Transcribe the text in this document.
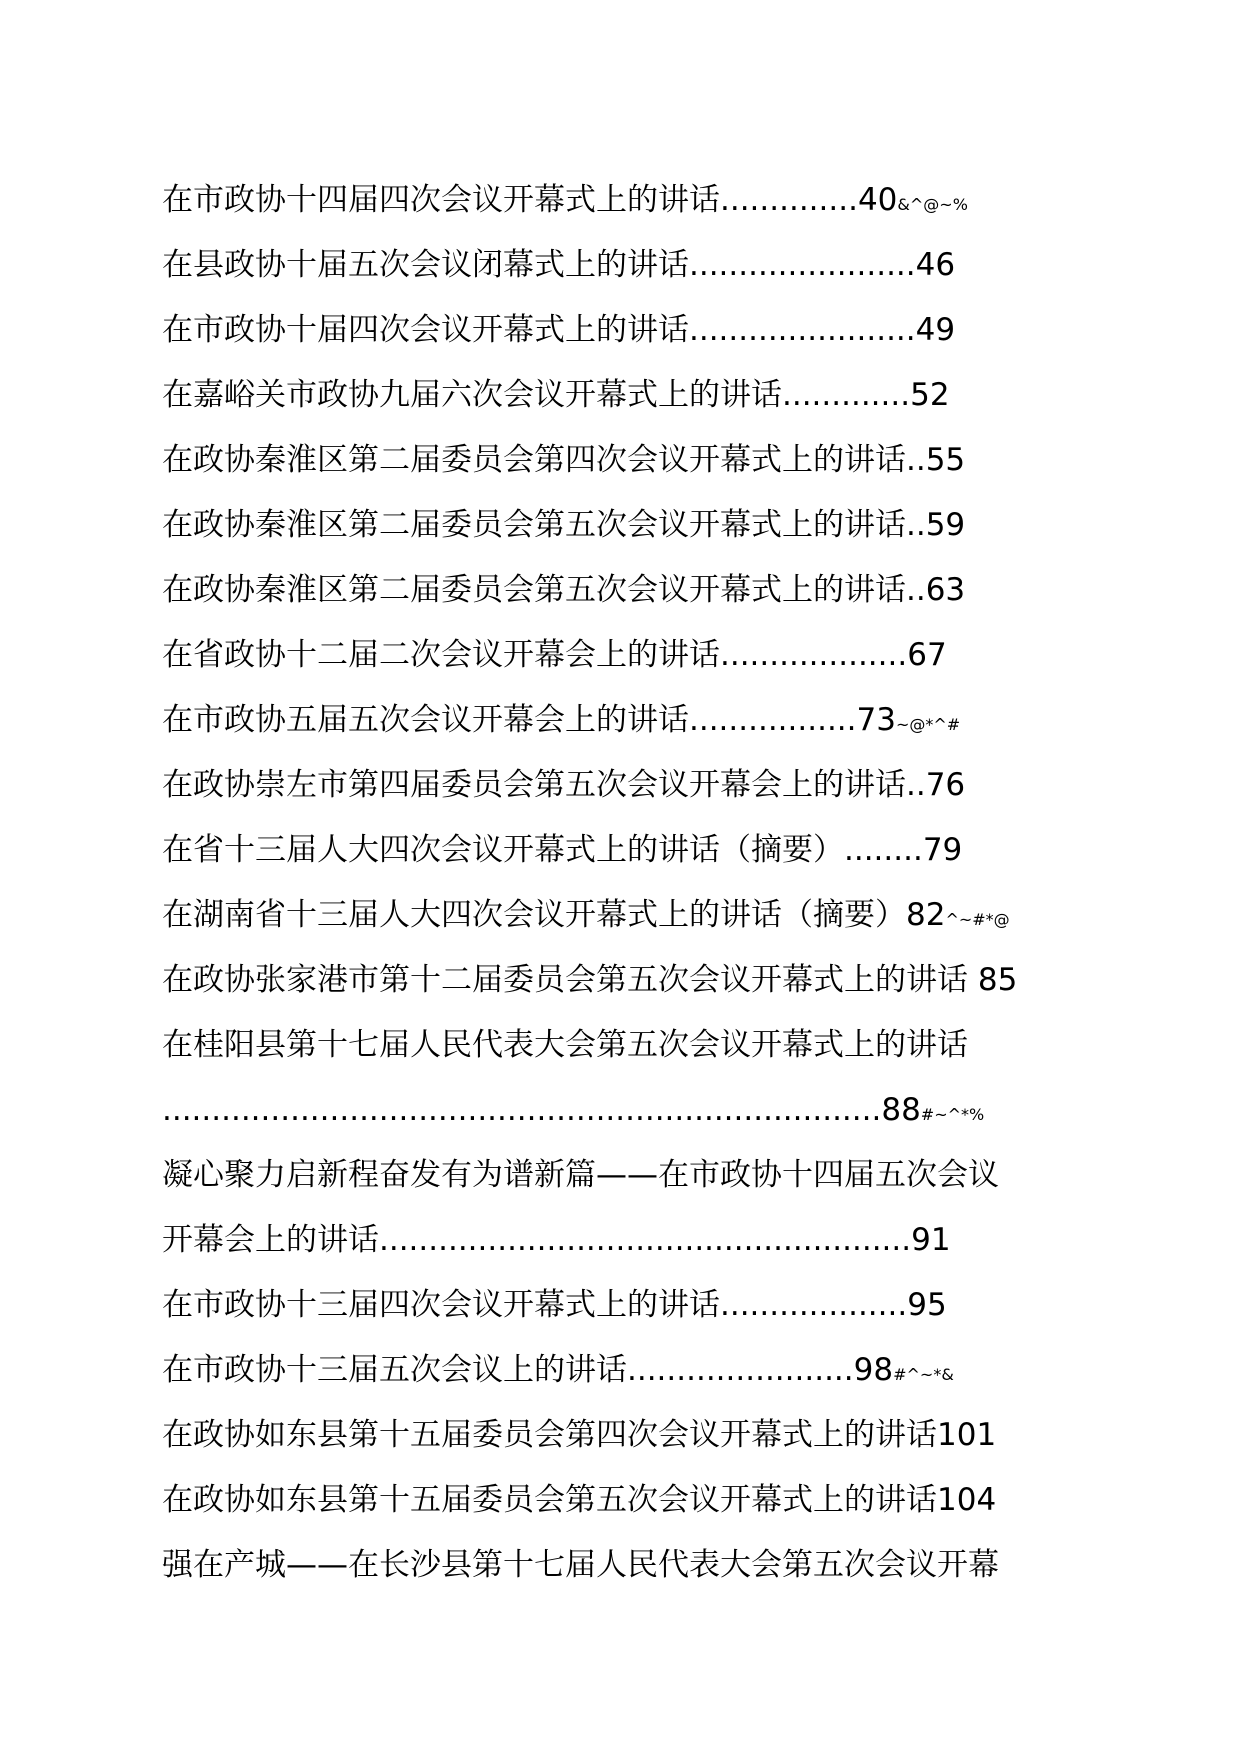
在市政协十四届四次会议开幕式上的讲话..............40&^@~%
在县政协十届五次会议闭幕式上的讲话.......................46
在市政协十届四次会议开幕式上的讲话.......................49
在嘉峪关市政协九届六次会议开幕式上的讲话.............52
在政协秦淮区第二届委员会第四次会议开幕式上的讲话..55
在政协秦淮区第二届委员会第五次会议开幕式上的讲话..59
在政协秦淮区第二届委员会第五次会议开幕式上的讲话..63
在省政协十二届二次会议开幕会上的讲话...................67
在市政协五届五次会议开幕会上的讲话.................73~@*^#
在政协崇左市第四届委员会第五次会议开幕会上的讲话..76
在省十三届人大四次会议开幕式上的讲话（摘要）........79
在湖南省十三届人大四次会议开幕式上的讲话（摘要）82^~#*@
在政协张家港市第十二届委员会第五次会议开幕式上的讲话 85
在桂阳县第十七届人民代表大会第五次会议开幕式上的讲话
.........................................................................88#~^*%
凝心聚力启新程奋发有为谱新篇——在市政协十四届五次会议
开幕会上的讲话......................................................91
在市政协十三届四次会议开幕式上的讲话...................95
在市政协十三届五次会议上的讲话.......................98#^~*&
在政协如东县第十五届委员会第四次会议开幕式上的讲话101
在政协如东县第十五届委员会第五次会议开幕式上的讲话104
强在产城——在长沙县第十七届人民代表大会第五次会议开幕
